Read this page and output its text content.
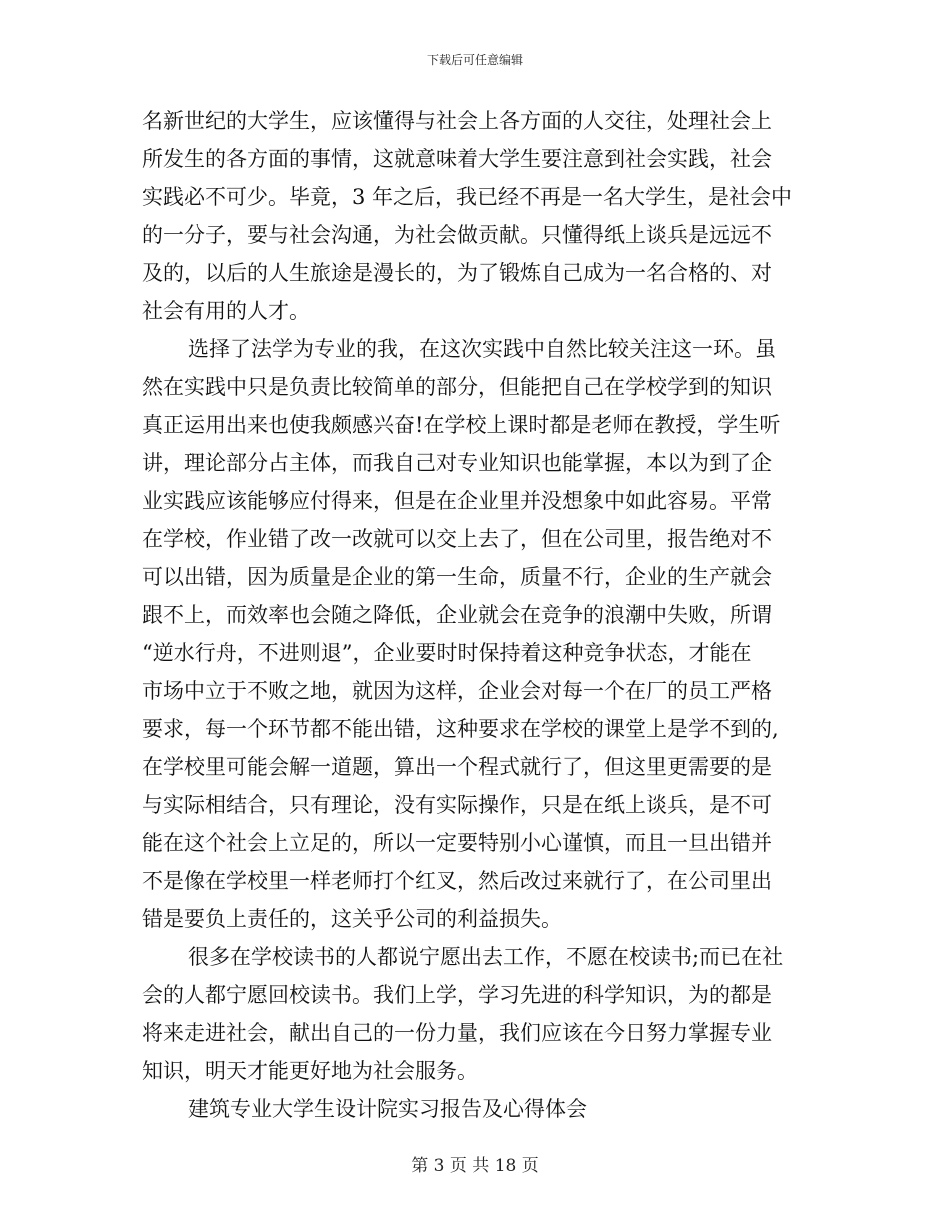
下载后可任意编辑
名新世纪的大学生，应该懂得与社会上各方面的人交往，处理社会上
所发生的各方面的事情，这就意味着大学生要注意到社会实践，社会
实践必不可少。毕竟，3 年之后，我已经不再是一名大学生，是社会中
的一分子，要与社会沟通，为社会做贡献。只懂得纸上谈兵是远远不
及的，以后的人生旅途是漫长的，为了锻炼自己成为一名合格的、对
社会有用的人才。
选择了法学为专业的我，在这次实践中自然比较关注这一环。虽
然在实践中只是负责比较简单的部分，但能把自己在学校学到的知识
真正运用出来也使我颇感兴奋!在学校上课时都是老师在教授，学生听
讲，理论部分占主体，而我自己对专业知识也能掌握，本以为到了企
业实践应该能够应付得来，但是在企业里并没想象中如此容易。平常
在学校，作业错了改一改就可以交上去了，但在公司里，报告绝对不
可以出错，因为质量是企业的第一生命，质量不行，企业的生产就会
跟不上，而效率也会随之降低，企业就会在竞争的浪潮中失败，所谓
“逆水行舟，不进则退”，企业要时时保持着这种竞争状态，才能在
市场中立于不败之地，就因为这样，企业会对每一个在厂的员工严格
要求，每一个环节都不能出错，这种要求在学校的课堂上是学不到的,
在学校里可能会解一道题，算出一个程式就行了，但这里更需要的是
与实际相结合，只有理论，没有实际操作，只是在纸上谈兵，是不可
能在这个社会上立足的，所以一定要特别小心谨慎，而且一旦出错并
不是像在学校里一样老师打个红叉，然后改过来就行了，在公司里出
错是要负上责任的，这关乎公司的利益损失。
很多在学校读书的人都说宁愿出去工作，不愿在校读书;而已在社
会的人都宁愿回校读书。我们上学，学习先进的科学知识，为的都是
将来走进社会，献出自己的一份力量，我们应该在今日努力掌握专业
知识，明天才能更好地为社会服务。
建筑专业大学生设计院实习报告及心得体会
第 3 页 共 18 页
